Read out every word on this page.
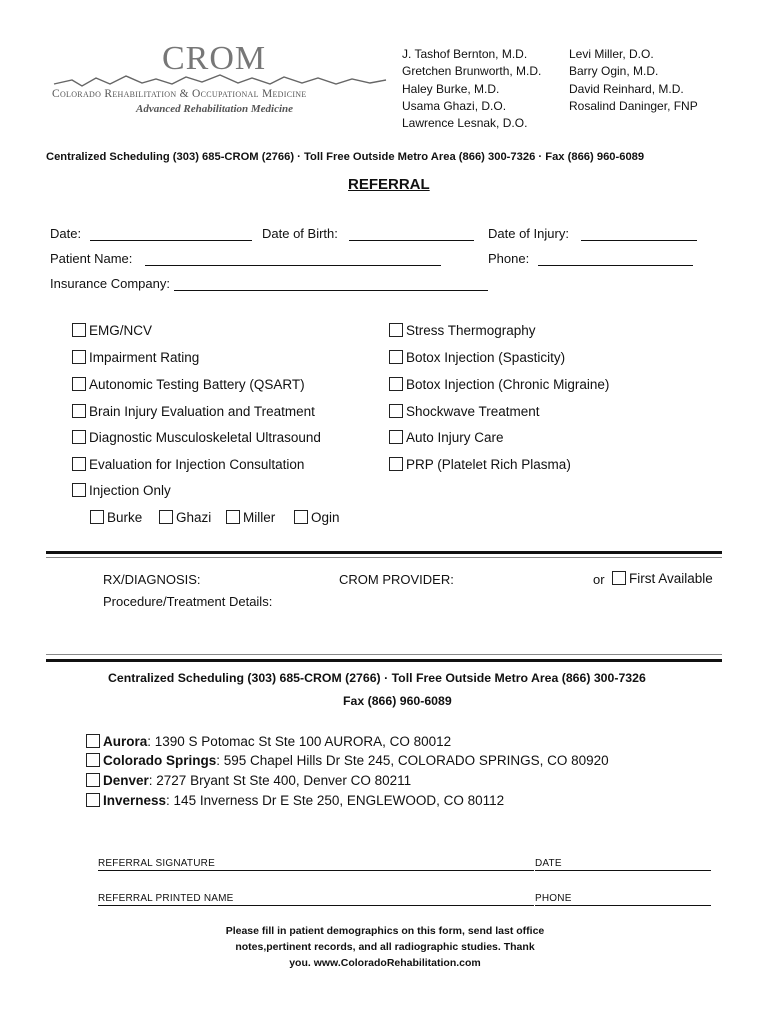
CROM
Colorado Rehabilitation & Occupational Medicine
Advanced Rehabilitation Medicine
J. Tashof Bernton, M.D.
Gretchen Brunworth, M.D.
Haley Burke, M.D.
Usama Ghazi, D.O.
Lawrence Lesnak, D.O.
Levi Miller, D.O.
Barry Ogin, M.D.
David Reinhard, M.D.
Rosalind Daninger, FNP
Centralized Scheduling (303) 685-CROM (2766) · Toll Free Outside Metro Area (866) 300-7326 · Fax (866) 960-6089
REFERRAL
Date:	Date of Birth:	Date of Injury:
Patient Name:	Phone:
Insurance Company:
EMG/NCV
Impairment Rating
Autonomic Testing Battery (QSART)
Brain Injury Evaluation and Treatment
Diagnostic Musculoskeletal Ultrasound
Evaluation for Injection Consultation
Injection Only
Stress Thermography
Botox Injection (Spasticity)
Botox Injection (Chronic Migraine)
Shockwave Treatment
Auto Injury Care
PRP (Platelet Rich Plasma)
Burke	Ghazi	Miller	Ogin
RX/DIAGNOSIS:	CROM PROVIDER:	or	First Available
Procedure/Treatment Details:
Centralized Scheduling (303) 685-CROM (2766) · Toll Free Outside Metro Area (866) 300-7326
Fax (866) 960-6089
Aurora: 1390 S Potomac St Ste 100 AURORA, CO 80012
Colorado Springs: 595 Chapel Hills Dr Ste 245, COLORADO SPRINGS, CO 80920
Denver: 2727 Bryant St Ste 400, Denver CO 80211
Inverness: 145 Inverness Dr E Ste 250, ENGLEWOOD, CO 80112
REFERRAL SIGNATURE	DATE
REFERRAL PRINTED NAME	PHONE
Please fill in patient demographics on this form, send last office
notes,pertinent records, and all radiographic studies. Thank
you. www.ColoradoRehabilitation.com
